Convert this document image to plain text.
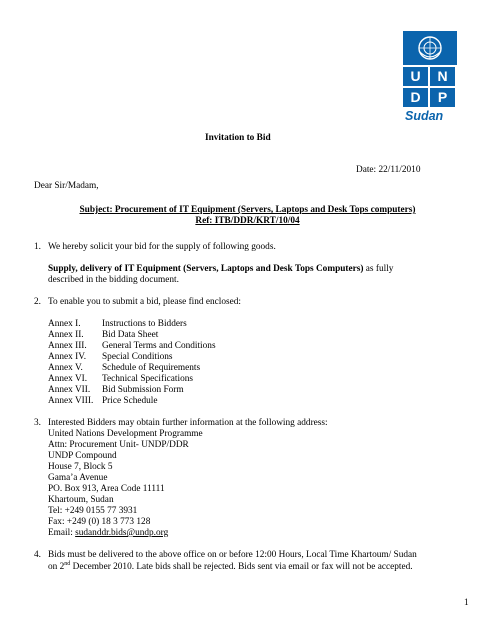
U	N
D	P
Sudan
Invitation to Bid
Date: 22/11/2010
Dear Sir/Madam,
Subject: Procurement of IT Equipment (Servers, Laptops and Desk Tops computers)
Ref: ITB/DDR/KRT/10/04
1. We hereby solicit your bid for the supply of following goods.
Supply, delivery of IT Equipment (Servers, Laptops and Desk Tops Computers) as fully
described in the bidding document.
2. To enable you to submit a bid, please find enclosed:
Annex I. Instructions to Bidders
Annex II. Bid Data Sheet
Annex III. General Terms and Conditions
Annex IV. Special Conditions
Annex V. Schedule of Requirements
Annex VI. Technical Specifications
Annex VII. Bid Submission Form
Annex VIII. Price Schedule
3. Interested Bidders may obtain further information at the following address:
United Nations Development Programme
Attn: Procurement Unit- UNDP/DDR
UNDP Compound
House 7, Block 5
Gama’a Avenue
PO. Box 913, Area Code 11111
Khartoum, Sudan
Tel: +249 0155 77 3931
Fax: +249 (0) 18 3 773 128
Email: sudanddr.bids@undp.org
4. Bids must be delivered to the above office on or before 12:00 Hours, Local Time Khartoum/ Sudan
on 2nd December 2010. Late bids shall be rejected. Bids sent via email or fax will not be accepted.
1
